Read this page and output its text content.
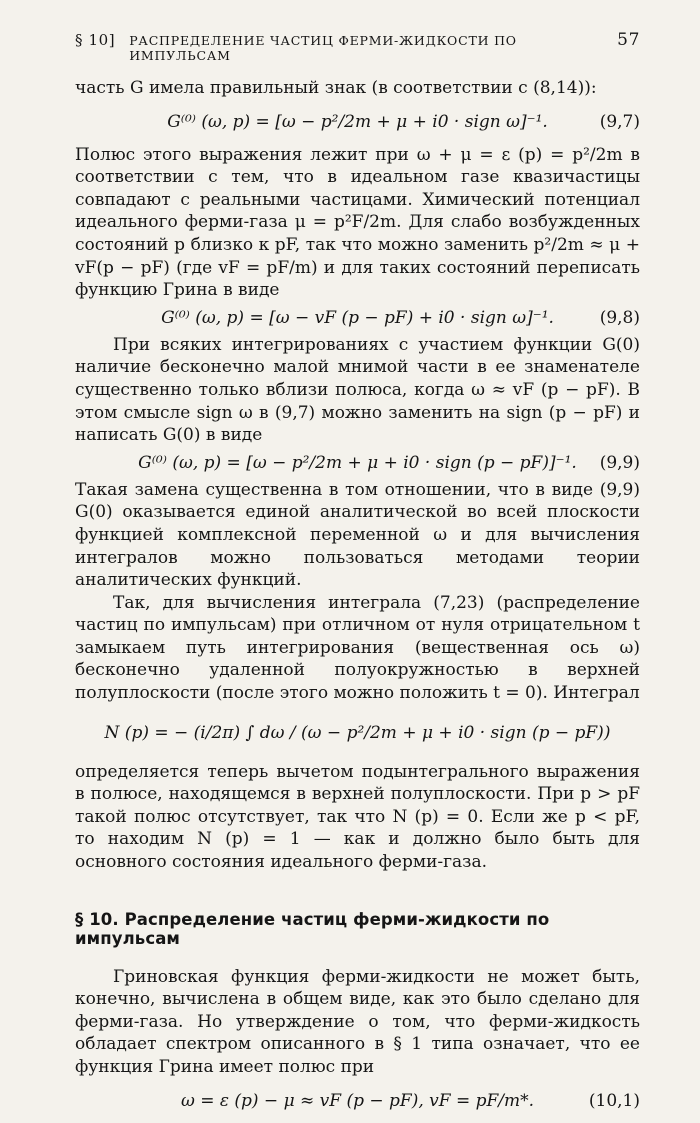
§ 10] РАСПРЕДЕЛЕНИЕ ЧАСТИЦ ФЕРМИ-ЖИДКОСТИ ПО ИМПУЛЬСАМ
57

часть G имела правильный знак (в соответствии с (8,14)):

G⁽⁰⁾ (ω, p) = [ω − p²/2m + μ + i0 · sign ω]⁻¹.	(9,7)

Полюс этого выражения лежит при ω + μ = ε (p) = p²/2m в соответствии с тем, что в идеальном газе квазичастицы совпадают с реальными частицами. Химический потенциал идеального ферми-газа μ = p²F/2m. Для слабо возбужденных состояний p близко к pF, так что можно заменить p²/2m ≈ μ + vF(p − pF) (где vF = pF/m) и для таких состояний переписать функцию Грина в виде

G⁽⁰⁾ (ω, p) = [ω − vF (p − pF) + i0 · sign ω]⁻¹.	(9,8)

При всяких интегрированиях с участием функции G(0) наличие бесконечно малой мнимой части в ее знаменателе существенно только вблизи полюса, когда ω ≈ vF (p − pF). В этом смысле sign ω в (9,7) можно заменить на sign (p − pF) и написать G(0) в виде

G⁽⁰⁾ (ω, p) = [ω − p²/2m + μ + i0 · sign (p − pF)]⁻¹. (9,9)

Такая замена существенна в том отношении, что в виде (9,9) G(0) оказывается единой аналитической во всей плоскости функцией комплексной переменной ω и для вычисления интегралов можно пользоваться методами теории аналитических функций.

Так, для вычисления интеграла (7,23) (распределение частиц по импульсам) при отличном от нуля отрицательном t замыкаем путь интегрирования (вещественная ось ω) бесконечно удаленной полуокружностью в верхней полуплоскости (после этого можно положить t = 0). Интеграл

N (p) = − (i/2π) ∫ dω / (ω − p²/2m + μ + i0 · sign (p − pF))

определяется теперь вычетом подынтегрального выражения в полюсе, находящемся в верхней полуплоскости. При p > pF такой полюс отсутствует, так что N (p) = 0. Если же p < pF, то находим N (p) = 1 — как и должно было быть для основного состояния идеального ферми-газа.

§ 10. Распределение частиц ферми-жидкости по импульсам

Гриновская функция ферми-жидкости не может быть, конечно, вычислена в общем виде, как это было сделано для ферми-газа. Но утверждение о том, что ферми-жидкость обладает спектром описанного в § 1 типа означает, что ее функция Грина имеет полюс при

ω = ε (p) − μ ≈ vF (p − pF), vF = pF/m*.	(10,1)
